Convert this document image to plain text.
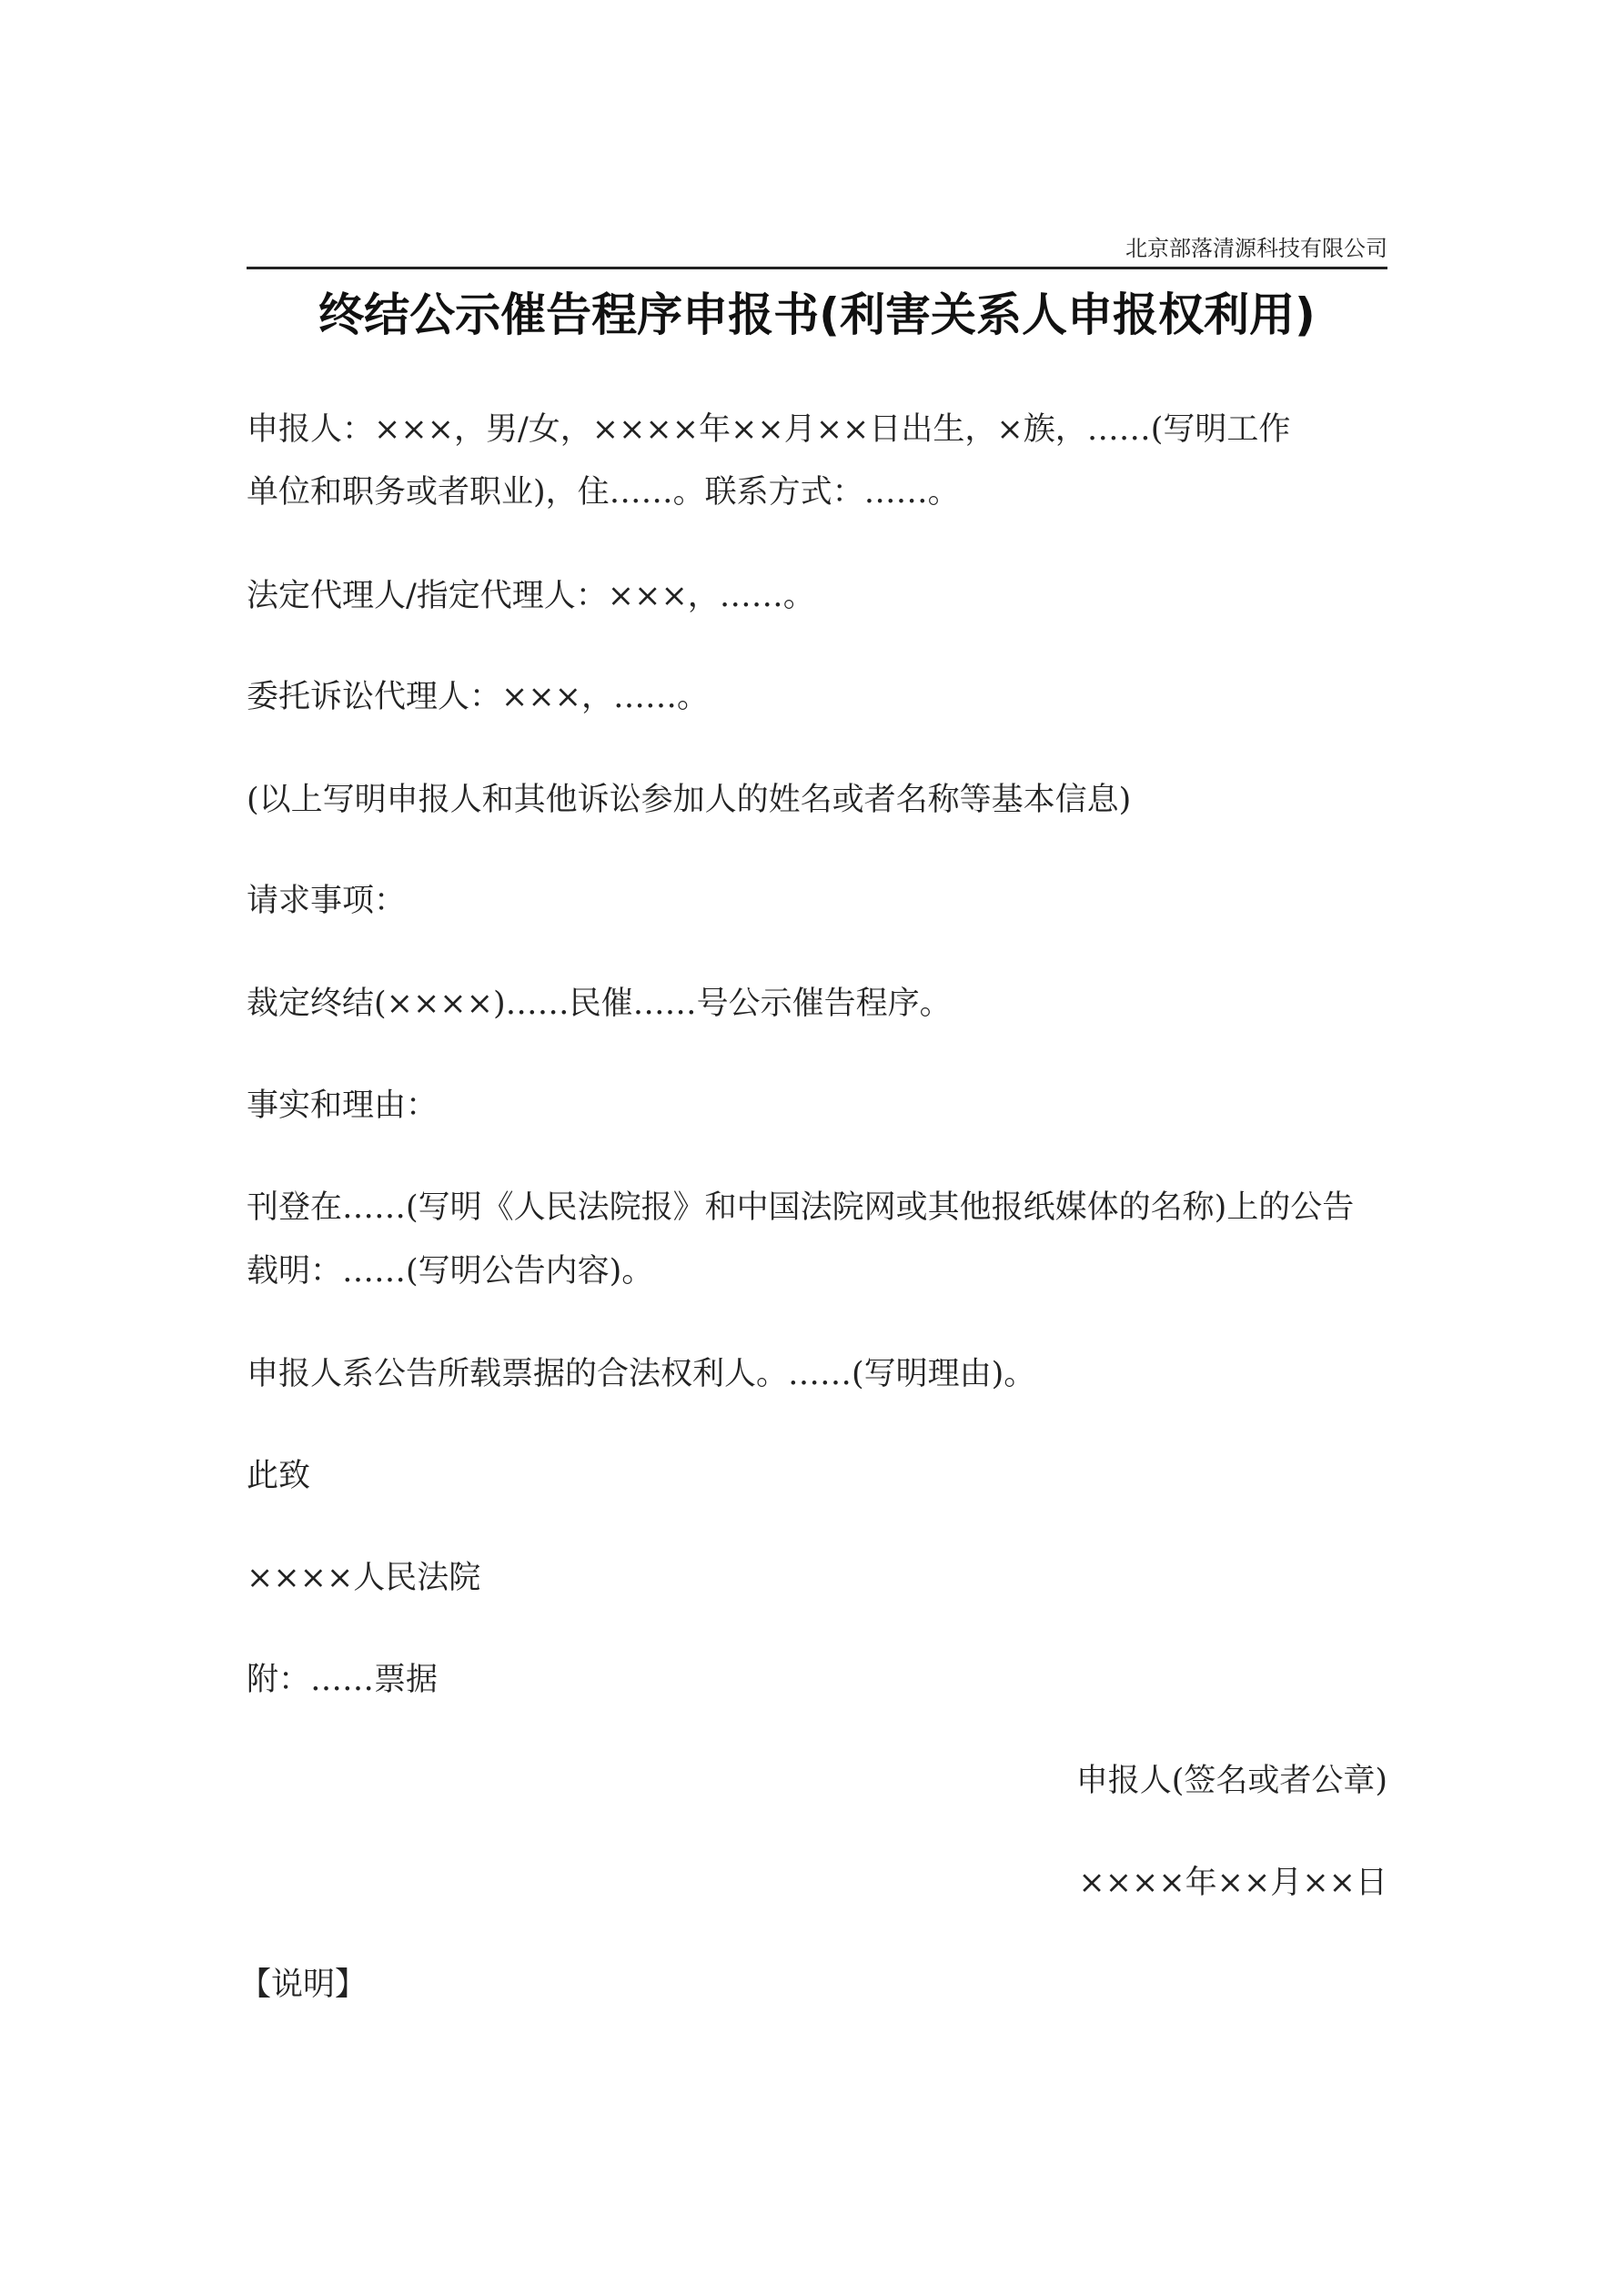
北京部落清源科技有限公司
终结公示催告程序申报书(利害关系人申报权利用)
申报人：×××，男/女，××××年××月××日出生，×族，……(写明工作
单位和职务或者职业)，住……。联系方式：……。
法定代理人/指定代理人：×××，……。
委托诉讼代理人：×××，……。
(以上写明申报人和其他诉讼参加人的姓名或者名称等基本信息)
请求事项：
裁定终结(××××)……民催……号公示催告程序。
事实和理由：
刊登在……(写明《人民法院报》和中国法院网或其他报纸媒体的名称)上的公告
载明：……(写明公告内容)。
申报人系公告所载票据的合法权利人。……(写明理由)。
此致
××××人民法院
附：……票据
申报人(签名或者公章)
××××年××月××日
【说明】
